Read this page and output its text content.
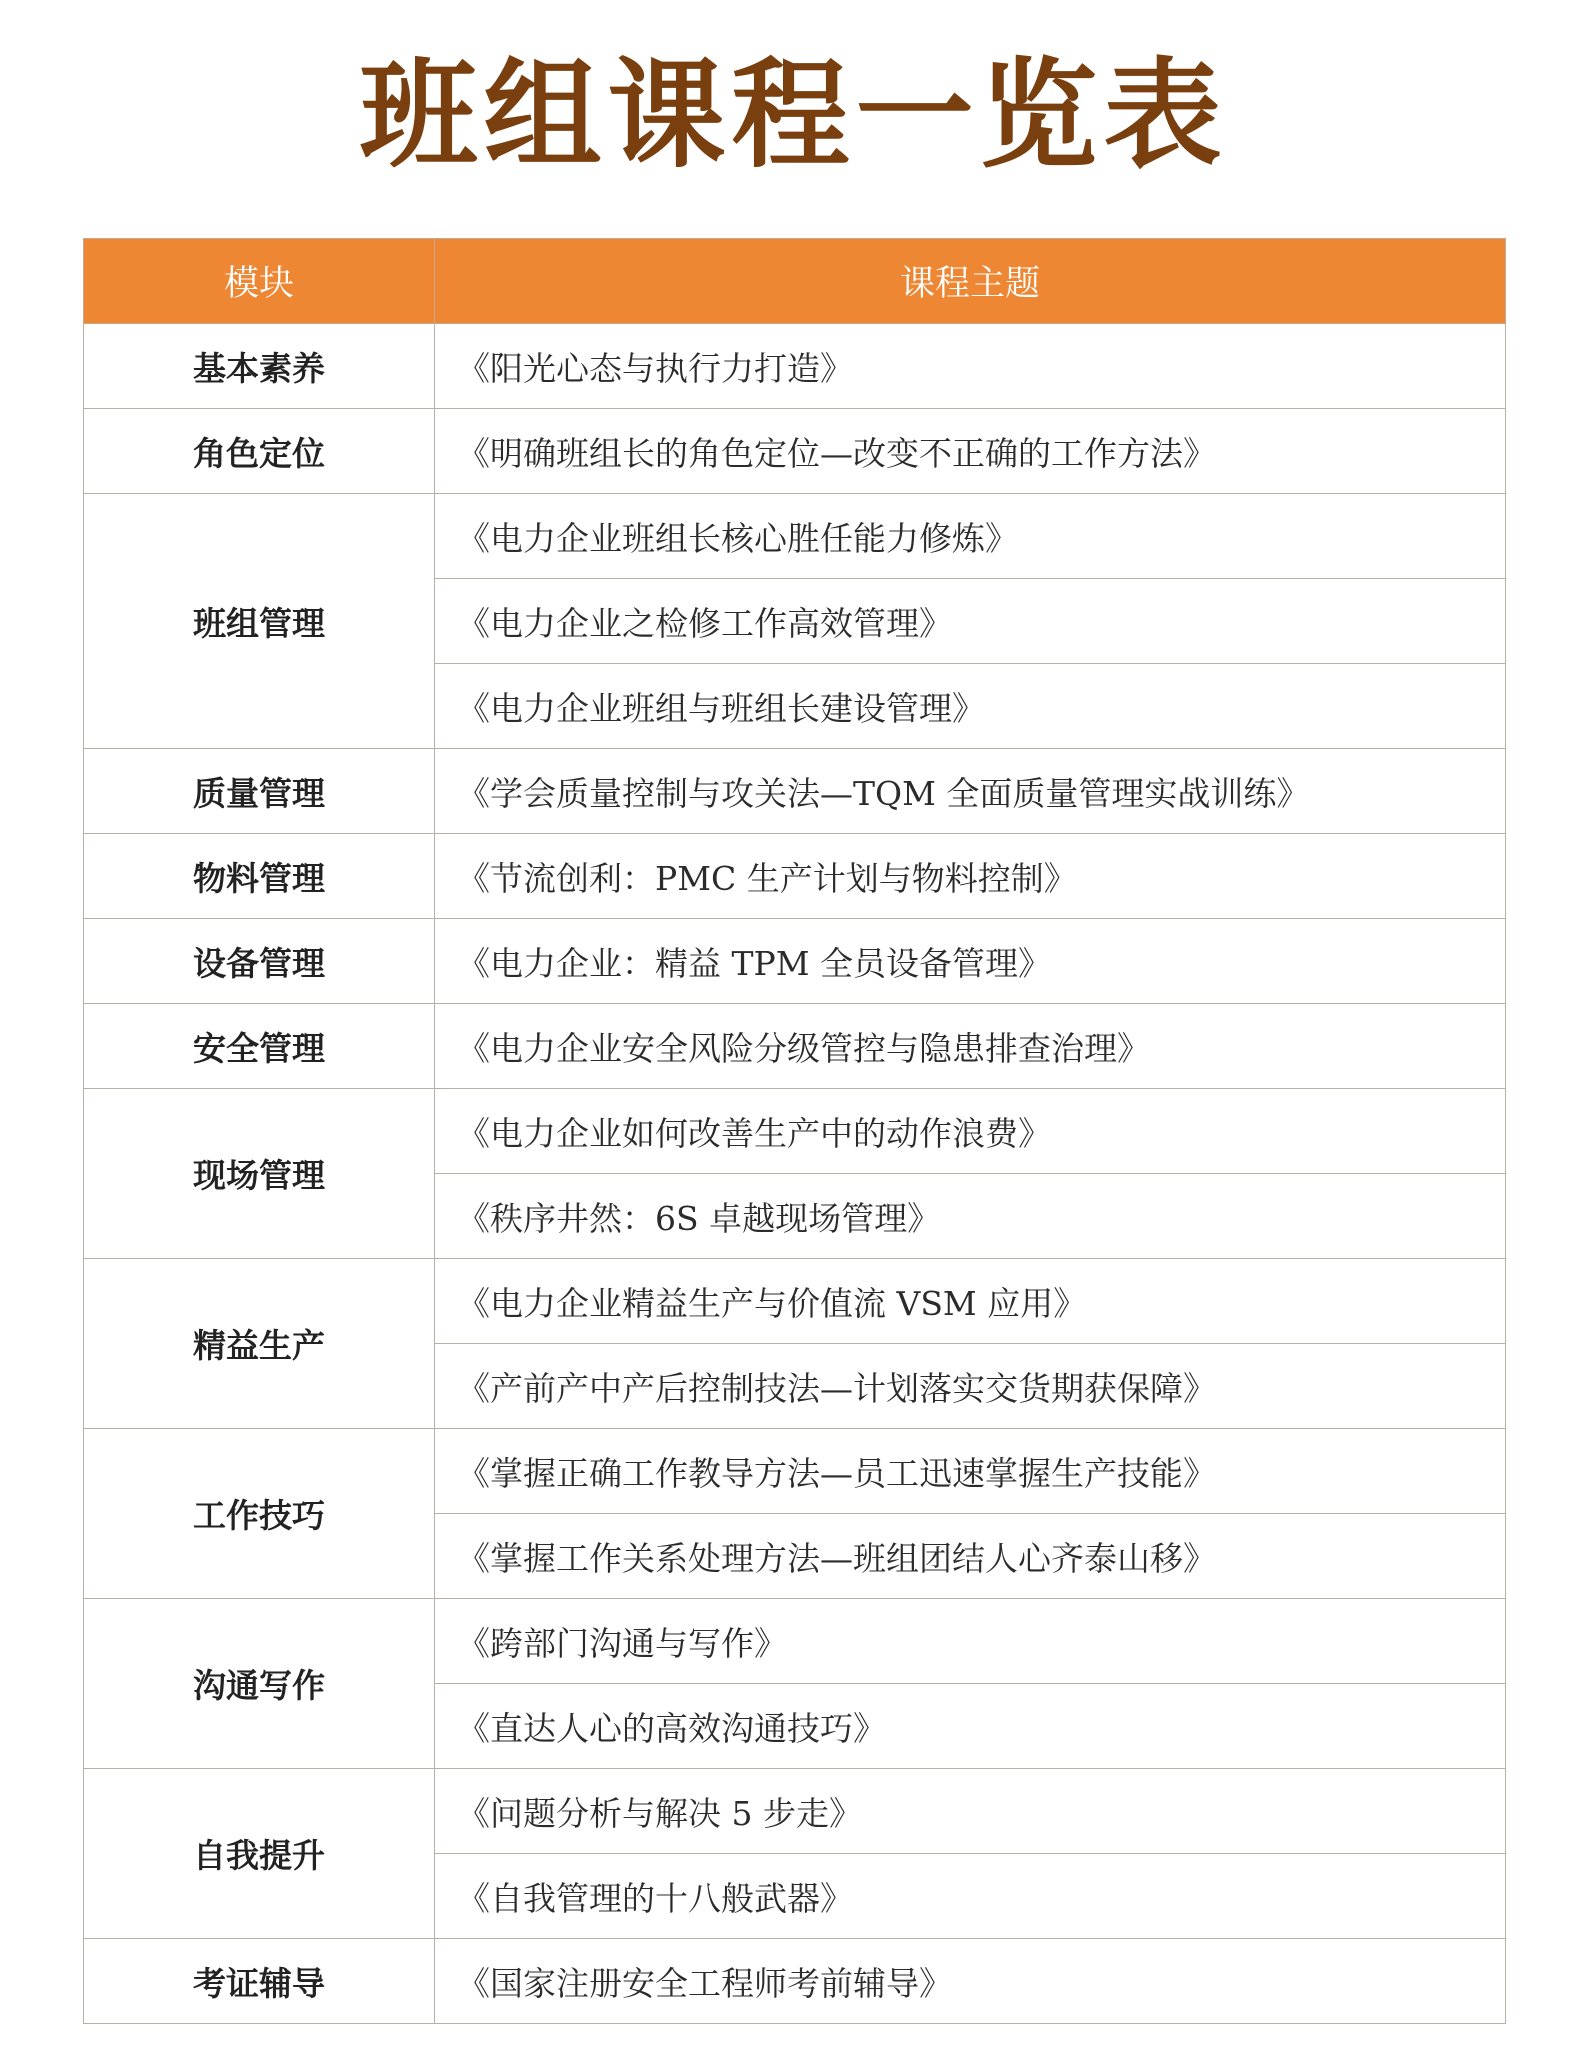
班组课程一览表
模块	课程主题
基本素养	《阳光心态与执行力打造》
角色定位	《明确班组长的角色定位—改变不正确的工作方法》
班组管理	《电力企业班组长核心胜任能力修炼》
	《电力企业之检修工作高效管理》
	《电力企业班组与班组长建设管理》
质量管理	《学会质量控制与攻关法—TQM 全面质量管理实战训练》
物料管理	《节流创利：PMC 生产计划与物料控制》
设备管理	《电力企业：精益 TPM 全员设备管理》
安全管理	《电力企业安全风险分级管控与隐患排查治理》
现场管理	《电力企业如何改善生产中的动作浪费》
	《秩序井然：6S 卓越现场管理》
精益生产	《电力企业精益生产与价值流 VSM 应用》
	《产前产中产后控制技法—计划落实交货期获保障》
工作技巧	《掌握正确工作教导方法—员工迅速掌握生产技能》
	《掌握工作关系处理方法—班组团结人心齐泰山移》
沟通写作	《跨部门沟通与写作》
	《直达人心的高效沟通技巧》
自我提升	《问题分析与解决 5 步走》
	《自我管理的十八般武器》
考证辅导	《国家注册安全工程师考前辅导》
